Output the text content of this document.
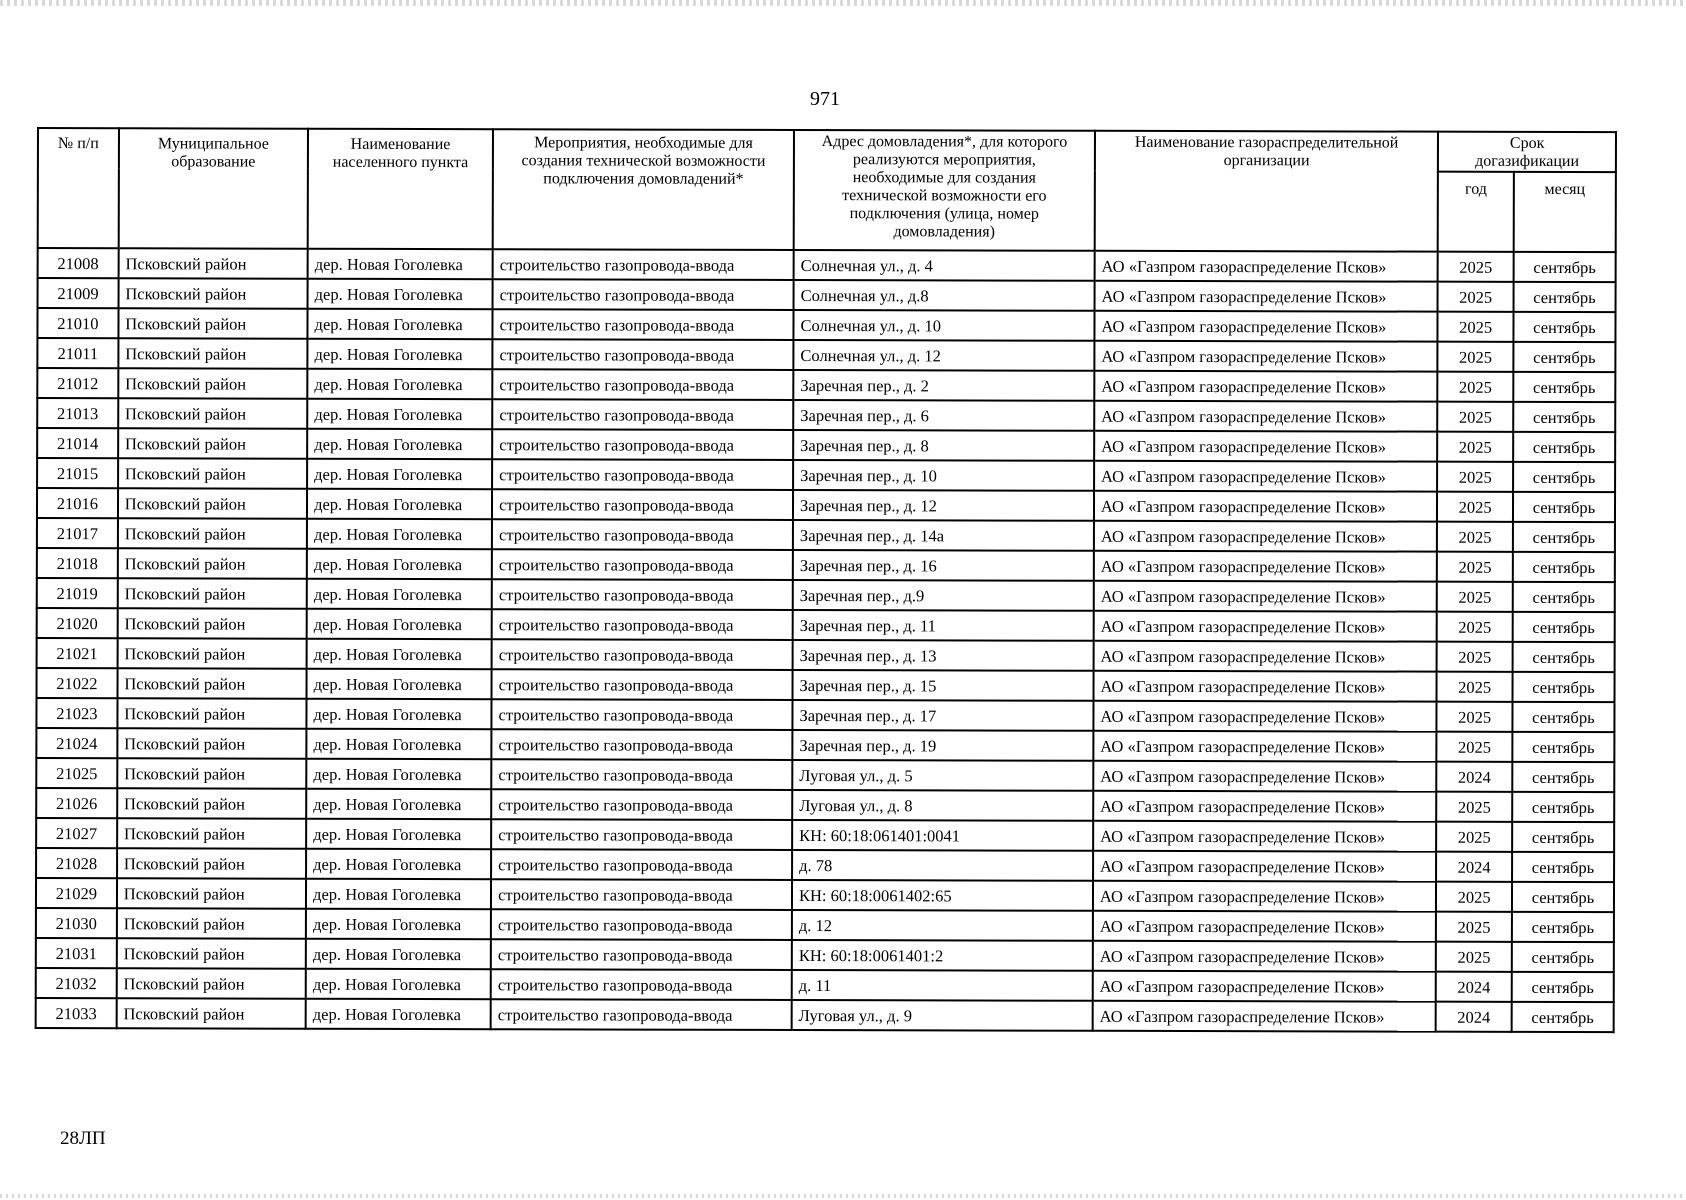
971
№ п/п	Муниципальное образование	Наименование населенного пункта	Мероприятия, необходимые для создания технической возможности подключения домовладений*	Адрес домовладения*, для которого реализуются мероприятия, необходимые для создания технической возможности его подключения (улица, номер домовладения)	Наименование газораспределительной организации	Срок догазификации	
						год	месяц
21008	Псковский район	дер. Новая Гоголевка	строительство газопровода-ввода	Солнечная ул., д. 4	АО «Газпром газораспределение Псков»	2025	сентябрь
21009	Псковский район	дер. Новая Гоголевка	строительство газопровода-ввода	Солнечная ул., д.8	АО «Газпром газораспределение Псков»	2025	сентябрь
21010	Псковский район	дер. Новая Гоголевка	строительство газопровода-ввода	Солнечная ул., д. 10	АО «Газпром газораспределение Псков»	2025	сентябрь
21011	Псковский район	дер. Новая Гоголевка	строительство газопровода-ввода	Солнечная ул., д. 12	АО «Газпром газораспределение Псков»	2025	сентябрь
21012	Псковский район	дер. Новая Гоголевка	строительство газопровода-ввода	Заречная пер., д. 2	АО «Газпром газораспределение Псков»	2025	сентябрь
21013	Псковский район	дер. Новая Гоголевка	строительство газопровода-ввода	Заречная пер., д. 6	АО «Газпром газораспределение Псков»	2025	сентябрь
21014	Псковский район	дер. Новая Гоголевка	строительство газопровода-ввода	Заречная пер., д. 8	АО «Газпром газораспределение Псков»	2025	сентябрь
21015	Псковский район	дер. Новая Гоголевка	строительство газопровода-ввода	Заречная пер., д. 10	АО «Газпром газораспределение Псков»	2025	сентябрь
21016	Псковский район	дер. Новая Гоголевка	строительство газопровода-ввода	Заречная пер., д. 12	АО «Газпром газораспределение Псков»	2025	сентябрь
21017	Псковский район	дер. Новая Гоголевка	строительство газопровода-ввода	Заречная пер., д. 14а	АО «Газпром газораспределение Псков»	2025	сентябрь
21018	Псковский район	дер. Новая Гоголевка	строительство газопровода-ввода	Заречная пер., д. 16	АО «Газпром газораспределение Псков»	2025	сентябрь
21019	Псковский район	дер. Новая Гоголевка	строительство газопровода-ввода	Заречная пер., д.9	АО «Газпром газораспределение Псков»	2025	сентябрь
21020	Псковский район	дер. Новая Гоголевка	строительство газопровода-ввода	Заречная пер., д. 11	АО «Газпром газораспределение Псков»	2025	сентябрь
21021	Псковский район	дер. Новая Гоголевка	строительство газопровода-ввода	Заречная пер., д. 13	АО «Газпром газораспределение Псков»	2025	сентябрь
21022	Псковский район	дер. Новая Гоголевка	строительство газопровода-ввода	Заречная пер., д. 15	АО «Газпром газораспределение Псков»	2025	сентябрь
21023	Псковский район	дер. Новая Гоголевка	строительство газопровода-ввода	Заречная пер., д. 17	АО «Газпром газораспределение Псков»	2025	сентябрь
21024	Псковский район	дер. Новая Гоголевка	строительство газопровода-ввода	Заречная пер., д. 19	АО «Газпром газораспределение Псков»	2025	сентябрь
21025	Псковский район	дер. Новая Гоголевка	строительство газопровода-ввода	Луговая ул., д. 5	АО «Газпром газораспределение Псков»	2024	сентябрь
21026	Псковский район	дер. Новая Гоголевка	строительство газопровода-ввода	Луговая ул., д. 8	АО «Газпром газораспределение Псков»	2025	сентябрь
21027	Псковский район	дер. Новая Гоголевка	строительство газопровода-ввода	КН: 60:18:061401:0041	АО «Газпром газораспределение Псков»	2025	сентябрь
21028	Псковский район	дер. Новая Гоголевка	строительство газопровода-ввода	д. 78	АО «Газпром газораспределение Псков»	2024	сентябрь
21029	Псковский район	дер. Новая Гоголевка	строительство газопровода-ввода	КН: 60:18:0061402:65	АО «Газпром газораспределение Псков»	2025	сентябрь
21030	Псковский район	дер. Новая Гоголевка	строительство газопровода-ввода	д. 12	АО «Газпром газораспределение Псков»	2025	сентябрь
21031	Псковский район	дер. Новая Гоголевка	строительство газопровода-ввода	КН: 60:18:0061401:2	АО «Газпром газораспределение Псков»	2025	сентябрь
21032	Псковский район	дер. Новая Гоголевка	строительство газопровода-ввода	д. 11	АО «Газпром газораспределение Псков»	2024	сентябрь
21033	Псковский район	дер. Новая Гоголевка	строительство газопровода-ввода	Луговая ул., д. 9	АО «Газпром газораспределение Псков»	2024	сентябрь
28ЛП
